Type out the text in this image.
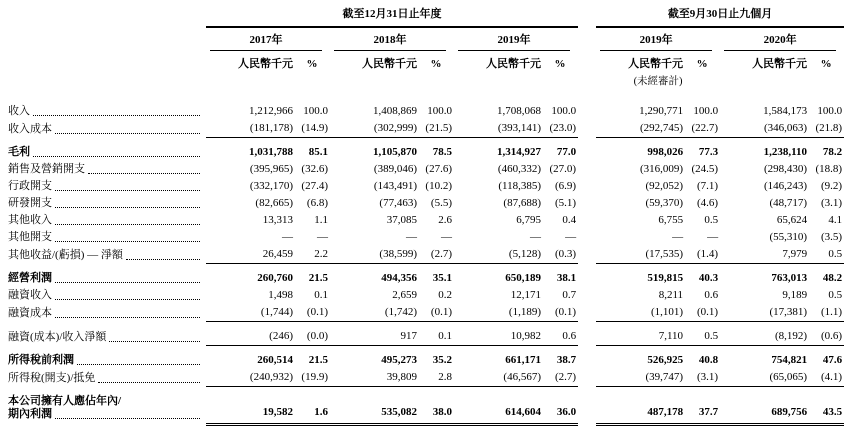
	截至12月31日止年度							截至9月30日止九個月			

	2017年		2018年		2019年			2019年		2020年	

	人民幣千元	%	人民幣千元	%	人民幣千元	%		人民幣千元	%	人民幣千元	%
								(未經審計)			

收入	1,212,966	100.0	1,408,869	100.0	1,708,068	100.0		1,290,771	100.0	1,584,173	100.0

收入成本	(181,178)	(14.9)	(302,999)	(21.5)	(393,141)	(23.0)		(292,745)	(22.7)	(346,063)	(21.8)

毛利	1,031,788	85.1	1,105,870	78.5	1,314,927	77.0		998,026	77.3	1,238,110	78.2

銷售及營銷開支	(395,965)	(32.6)	(389,046)	(27.6)	(460,332)	(27.0)		(316,009)	(24.5)	(298,430)	(18.8)

行政開支	(332,170)	(27.4)	(143,491)	(10.2)	(118,385)	(6.9)		(92,052)	(7.1)	(146,243)	(9.2)

研發開支	(82,665)	(6.8)	(77,463)	(5.5)	(87,688)	(5.1)		(59,370)	(4.6)	(48,717)	(3.1)

其他收入	13,313	1.1	37,085	2.6	6,795	0.4		6,755	0.5	65,624	4.1

其他開支	—	—	—	—	—	—		—	—	(55,310)	(3.5)

其他收益/(虧損) — 淨額	26,459	2.2	(38,599)	(2.7)	(5,128)	(0.3)		(17,535)	(1.4)	7,979	0.5

經營利潤	260,760	21.5	494,356	35.1	650,189	38.1		519,815	40.3	763,013	48.2

融資收入	1,498	0.1	2,659	0.2	12,171	0.7		8,211	0.6	9,189	0.5

融資成本	(1,744)	(0.1)	(1,742)	(0.1)	(1,189)	(0.1)		(1,101)	(0.1)	(17,381)	(1.1)

融資(成本)/收入淨額	(246)	(0.0)	917	0.1	10,982	0.6		7,110	0.5	(8,192)	(0.6)

所得稅前利潤	260,514	21.5	495,273	35.2	661,171	38.7		526,925	40.8	754,821	47.6

所得稅(開支)/抵免	(240,932)	(19.9)	39,809	2.8	(46,567)	(2.7)		(39,747)	(3.1)	(65,065)	(4.1)

本公司擁有人應佔年內/
期內利潤	19,582	1.6	535,082	38.0	614,604	36.0		487,178	37.7	689,756	43.5
